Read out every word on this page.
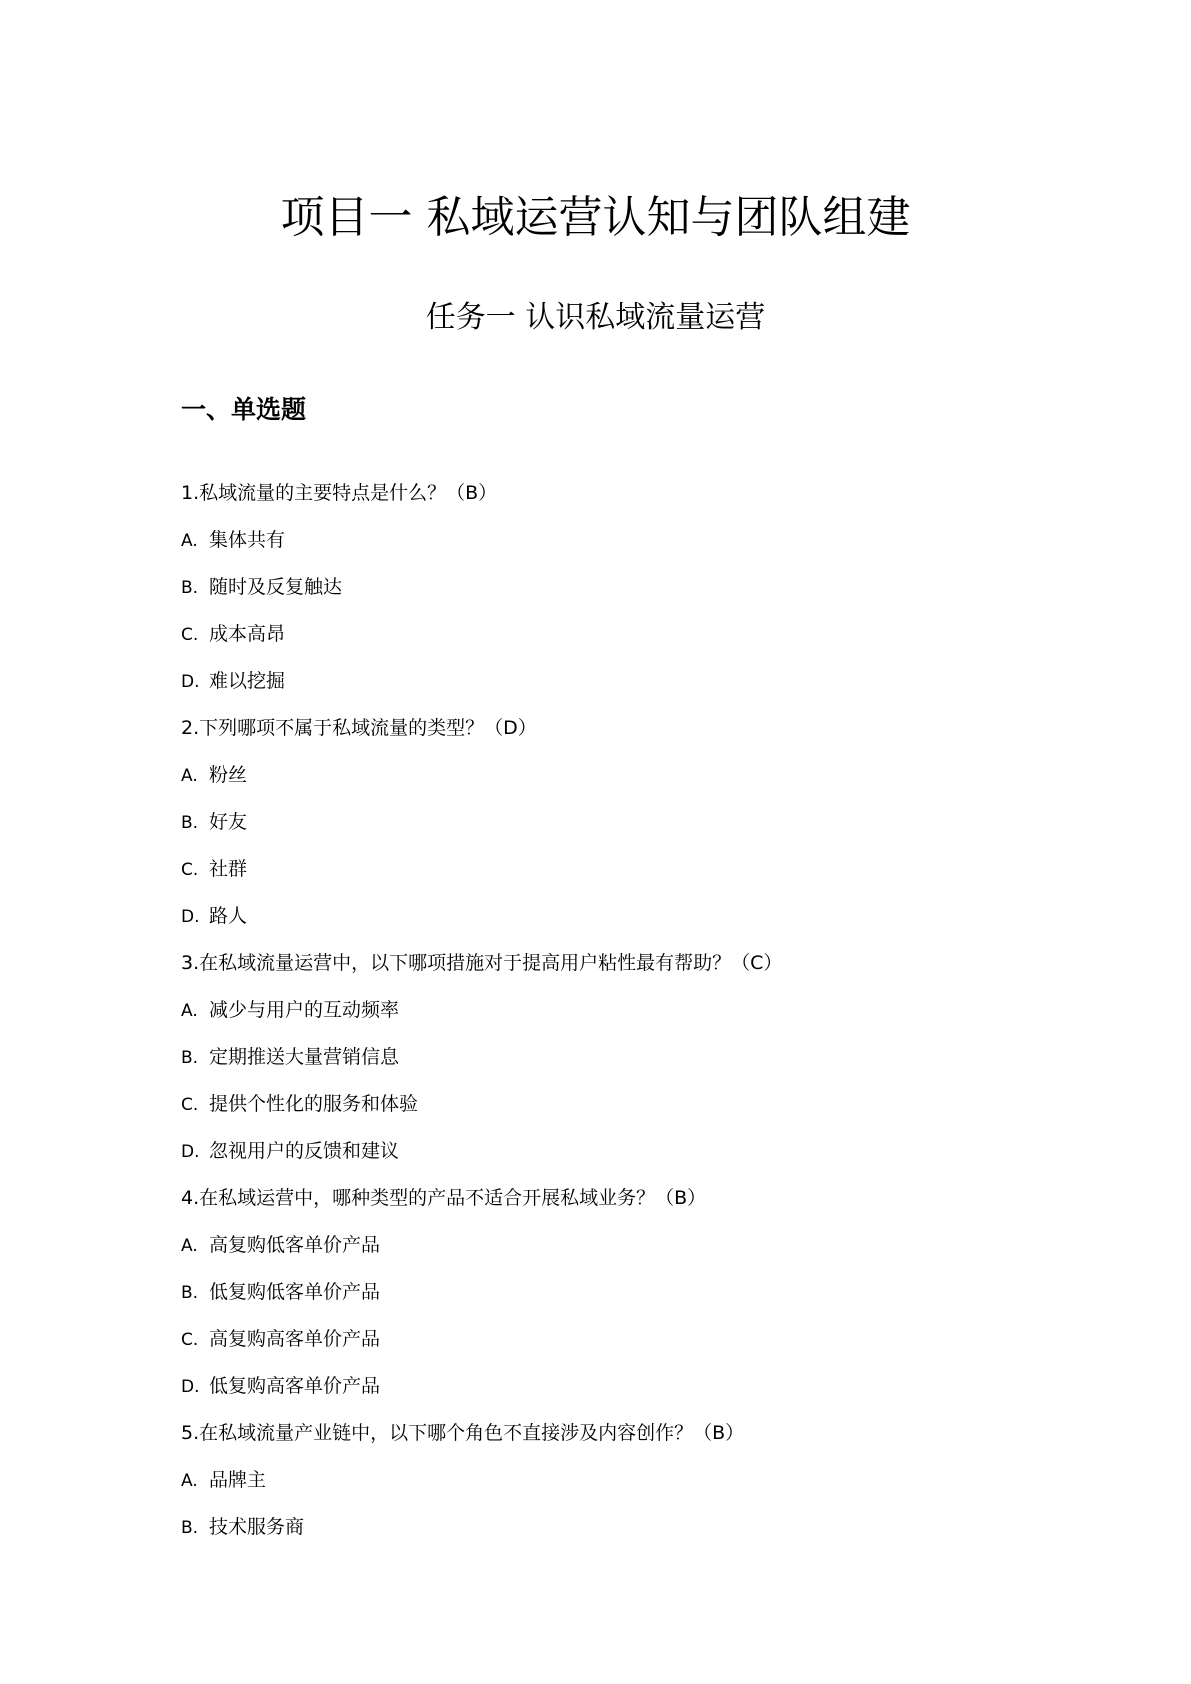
项目一 私域运营认知与团队组建
任务一 认识私域流量运营
一、单选题
1.私域流量的主要特点是什么？（B）
A. 集体共有
B. 随时及反复触达
C. 成本高昂
D. 难以挖掘
2.下列哪项不属于私域流量的类型？（D）
A. 粉丝
B. 好友
C. 社群
D. 路人
3.在私域流量运营中，以下哪项措施对于提高用户粘性最有帮助？（C）
A. 减少与用户的互动频率
B. 定期推送大量营销信息
C. 提供个性化的服务和体验
D. 忽视用户的反馈和建议
4.在私域运营中，哪种类型的产品不适合开展私域业务？（B）
A. 高复购低客单价产品
B. 低复购低客单价产品
C. 高复购高客单价产品
D. 低复购高客单价产品
5.在私域流量产业链中，以下哪个角色不直接涉及内容创作？（B）
A. 品牌主
B. 技术服务商
